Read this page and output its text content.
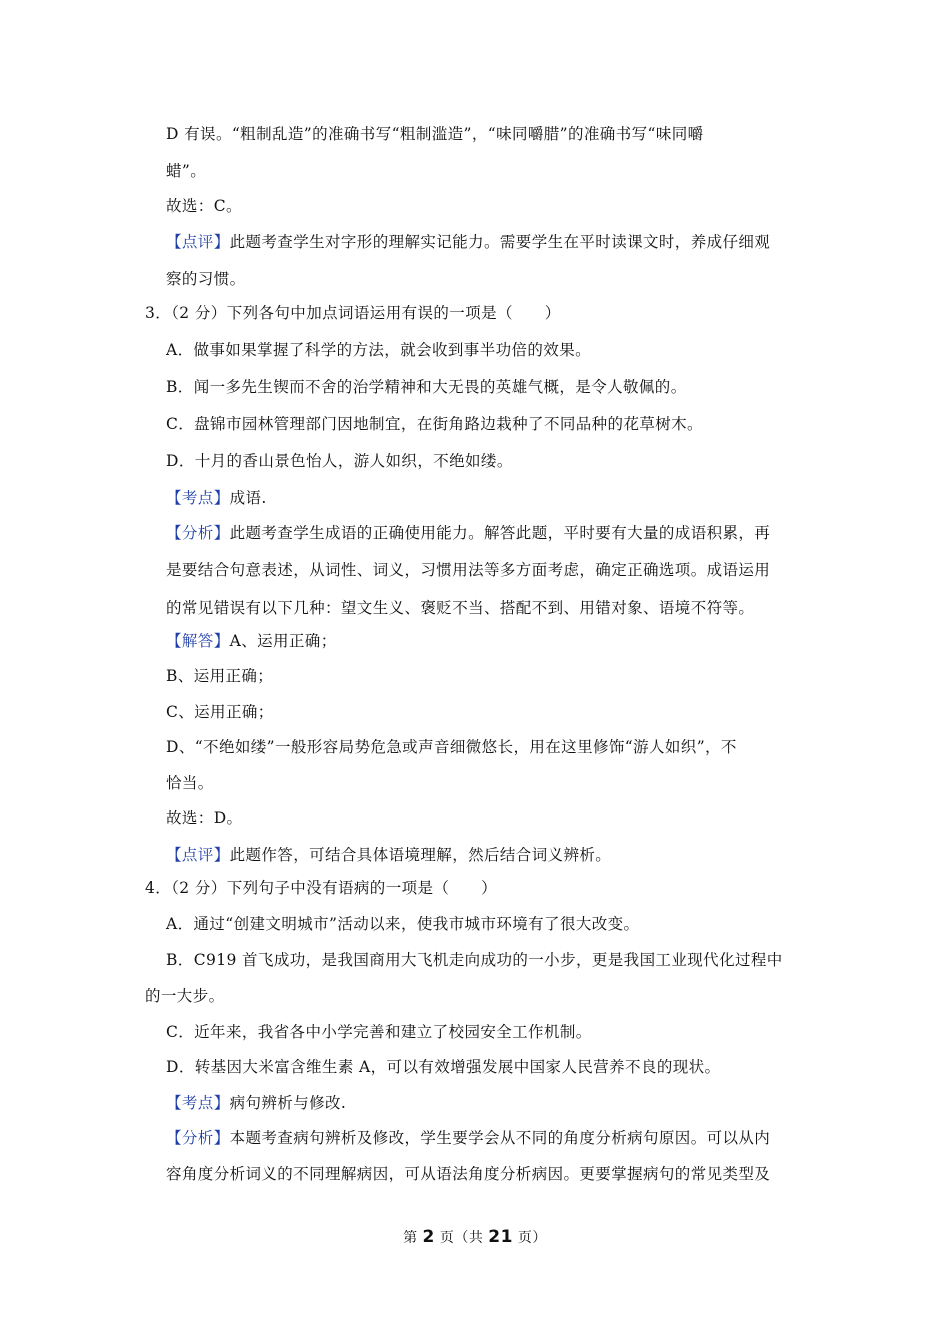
D 有误。“粗制乱造”的准确书写“粗制滥造”，“味同嚼腊”的准确书写“味同嚼
蜡”。
故选：C。
【点评】此题考查学生对字形的理解实记能力。需要学生在平时读课文时，养成仔细观
察的习惯。
3．（2 分）下列各句中加点词语运用有误的一项是（　　）
A．做事如果掌握了科学的方法，就会收到事半功倍的效果。
B．闻一多先生锲而不舍的治学精神和大无畏的英雄气概，是令人敬佩的。
C．盘锦市园林管理部门因地制宜，在街角路边栽种了不同品种的花草树木。
D．十月的香山景色怡人，游人如织，不绝如缕。
【考点】成语.
【分析】此题考查学生成语的正确使用能力。解答此题，平时要有大量的成语积累，再
是要结合句意表述，从词性、词义，习惯用法等多方面考虑，确定正确选项。成语运用
的常见错误有以下几种：望文生义、褒贬不当、搭配不到、用错对象、语境不符等。
【解答】A、运用正确；
B、运用正确；
C、运用正确；
D、“不绝如缕”一般形容局势危急或声音细微悠长，用在这里修饰“游人如织”，不
恰当。
故选：D。
【点评】此题作答，可结合具体语境理解，然后结合词义辨析。
4．（2 分）下列句子中没有语病的一项是（　　）
A．通过“创建文明城市”活动以来，使我市城市环境有了很大改变。
B．C919 首飞成功，是我国商用大飞机走向成功的一小步，更是我国工业现代化过程中
的一大步。
C．近年来，我省各中小学完善和建立了校园安全工作机制。
D．转基因大米富含维生素 A，可以有效增强发展中国家人民营养不良的现状。
【考点】病句辨析与修改.
【分析】本题考查病句辨析及修改，学生要学会从不同的角度分析病句原因。可以从内
容角度分析词义的不同理解病因，可从语法角度分析病因。更要掌握病句的常见类型及
第 2 页（共 21 页）
